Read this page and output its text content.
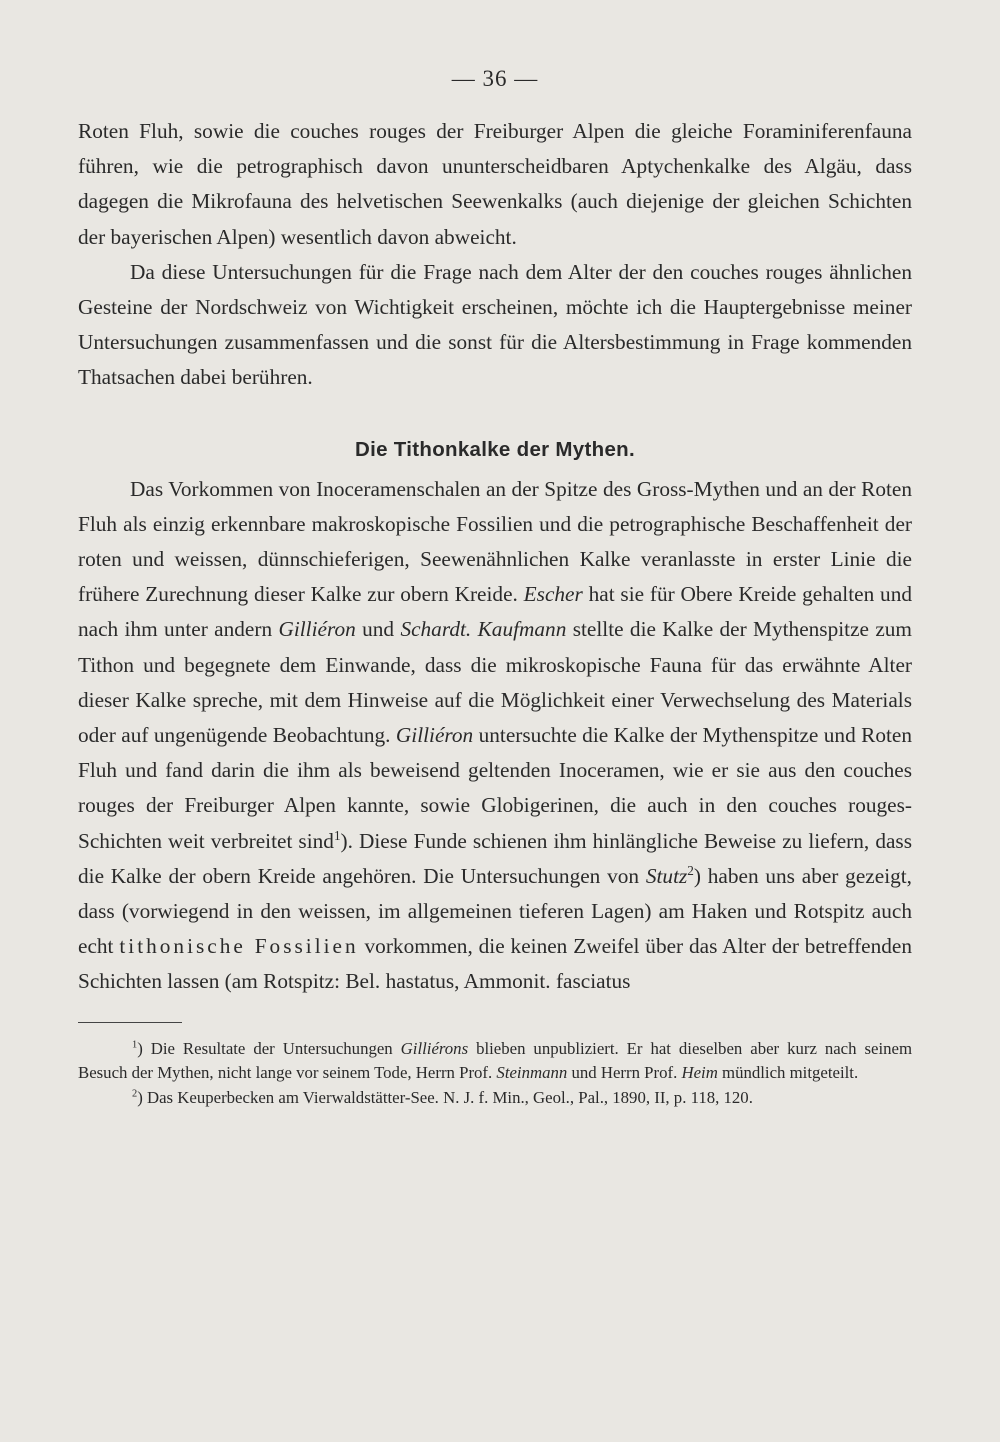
— 36 —

Roten Fluh, sowie die couches rouges der Freiburger Alpen die gleiche Foraminiferenfauna führen, wie die petrographisch davon ununterscheidbaren Aptychenkalke des Algäu, dass dagegen die Mikrofauna des helvetischen Seewenkalks (auch diejenige der gleichen Schichten der bayerischen Alpen) wesentlich davon abweicht.

Da diese Untersuchungen für die Frage nach dem Alter der den couches rouges ähnlichen Gesteine der Nordschweiz von Wichtigkeit erscheinen, möchte ich die Hauptergebnisse meiner Untersuchungen zusammenfassen und die sonst für die Altersbestimmung in Frage kommenden Thatsachen dabei berühren.

Die Tithonkalke der Mythen.

Das Vorkommen von Inoceramenschalen an der Spitze des Gross-Mythen und an der Roten Fluh als einzig erkennbare makroskopische Fossilien und die petrographische Beschaffenheit der roten und weissen, dünnschieferigen, Seewenähnlichen Kalke veranlasste in erster Linie die frühere Zurechnung dieser Kalke zur obern Kreide. Escher hat sie für Obere Kreide gehalten und nach ihm unter andern Gilliéron und Schardt. Kaufmann stellte die Kalke der Mythenspitze zum Tithon und begegnete dem Einwande, dass die mikroskopische Fauna für das erwähnte Alter dieser Kalke spreche, mit dem Hinweise auf die Möglichkeit einer Verwechselung des Materials oder auf ungenügende Beobachtung. Gilliéron untersuchte die Kalke der Mythenspitze und Roten Fluh und fand darin die ihm als beweisend geltenden Inoceramen, wie er sie aus den couches rouges der Freiburger Alpen kannte, sowie Globigerinen, die auch in den couches rouges-Schichten weit verbreitet sind$^1$). Diese Funde schienen ihm hinlängliche Beweise zu liefern, dass die Kalke der obern Kreide angehören. Die Untersuchungen von Stutz$^2$) haben uns aber gezeigt, dass (vorwiegend in den weissen, im allgemeinen tieferen Lagen) am Haken und Rotspitz auch echt tithonische Fossilien vorkommen, die keinen Zweifel über das Alter der betreffenden Schichten lassen (am Rotspitz: Bel. hastatus, Ammonit. fasciatus

$^1$) Die Resultate der Untersuchungen Gilliérons blieben unpubliziert. Er hat dieselben aber kurz nach seinem Besuch der Mythen, nicht lange vor seinem Tode, Herrn Prof. Steinmann und Herrn Prof. Heim mündlich mitgeteilt.

$^2$) Das Keuperbecken am Vierwaldstätter-See. N. J. f. Min., Geol., Pal., 1890, II, p. 118, 120.
